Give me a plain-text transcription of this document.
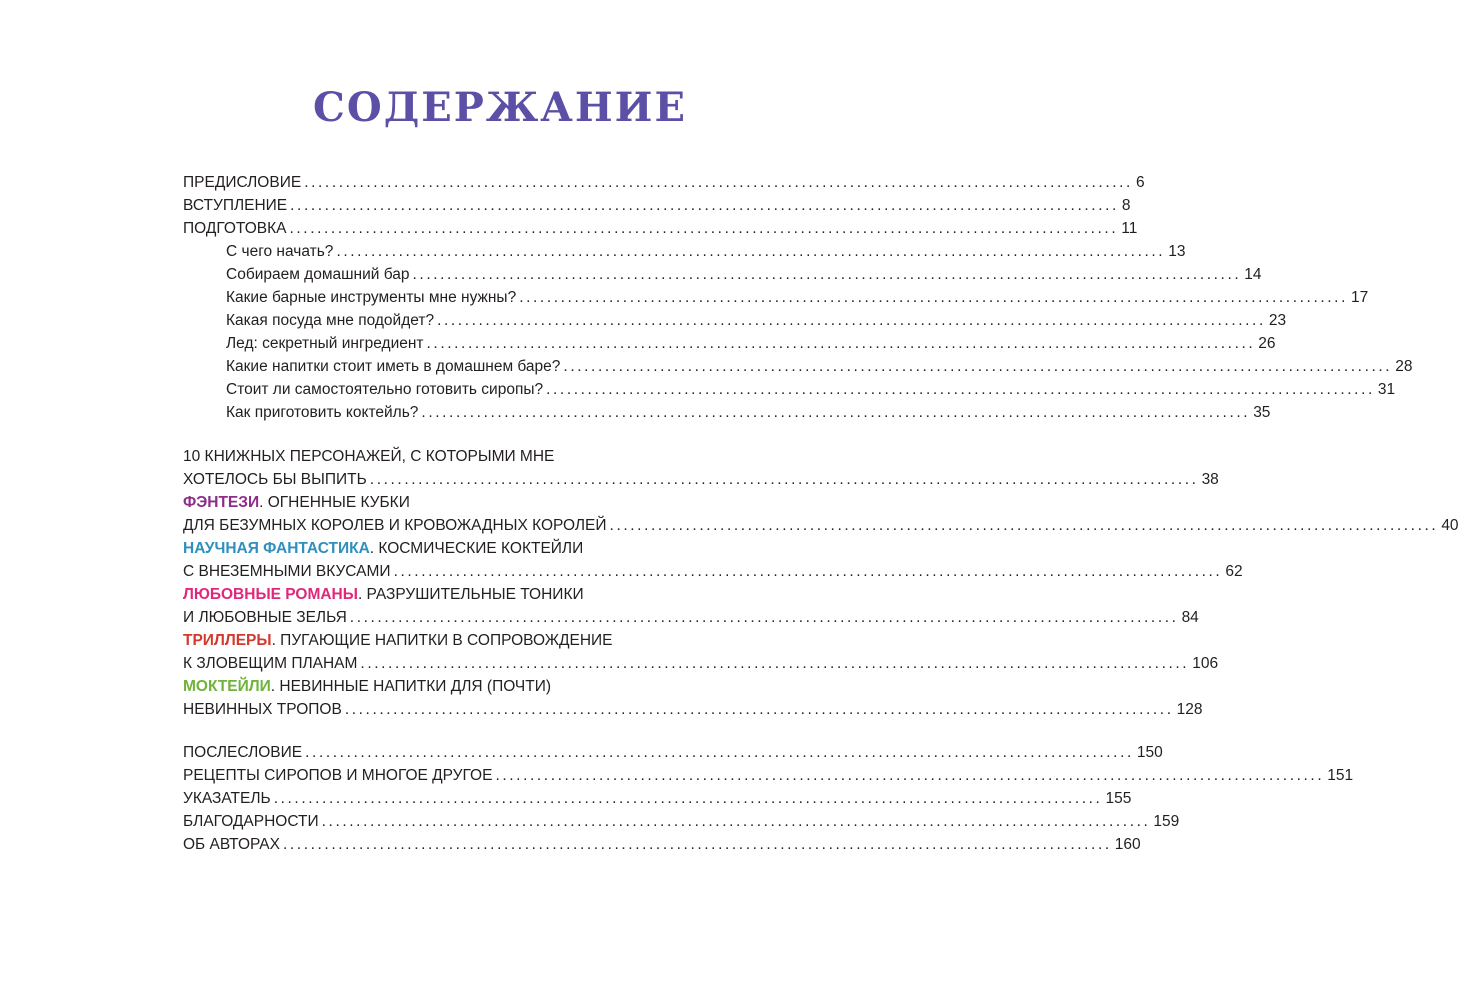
СОДЕРЖАНИЕ
ПРЕДИСЛОВИЕ ........................................................................................................................ 6
ВСТУПЛЕНИЕ ........................................................................................................................ 8
ПОДГОТОВКА ........................................................................................................................ 11
С чего начать? ........................................................................................................................ 13
Собираем домашний бар ........................................................................................................................ 14
Какие барные инструменты мне нужны? ........................................................................................................................ 17
Какая посуда мне подойдет? ........................................................................................................................ 23
Лед: секретный ингредиент ........................................................................................................................ 26
Какие напитки стоит иметь в домашнем баре? ........................................................................................................................ 28
Стоит ли самостоятельно готовить сиропы? ........................................................................................................................ 31
Как приготовить коктейль? ........................................................................................................................ 35
10 КНИЖНЫХ ПЕРСОНАЖЕЙ, С КОТОРЫМИ МНЕ
ХОТЕЛОСЬ БЫ ВЫПИТЬ ........................................................................................................................ 38
ФЭНТЕЗИ. ОГНЕННЫЕ КУБКИ
ДЛЯ БЕЗУМНЫХ КОРОЛЕВ И КРОВОЖАДНЫХ КОРОЛЕЙ ........................................................................................................................ 40
НАУЧНАЯ ФАНТАСТИКА. КОСМИЧЕСКИЕ КОКТЕЙЛИ
С ВНЕЗЕМНЫМИ ВКУСАМИ ........................................................................................................................ 62
ЛЮБОВНЫЕ РОМАНЫ. РАЗРУШИТЕЛЬНЫЕ ТОНИКИ
И ЛЮБОВНЫЕ ЗЕЛЬЯ ........................................................................................................................ 84
ТРИЛЛЕРЫ. ПУГАЮЩИЕ НАПИТКИ В СОПРОВОЖДЕНИЕ
К ЗЛОВЕЩИМ ПЛАНАМ ........................................................................................................................ 106
МОКТЕЙЛИ. НЕВИННЫЕ НАПИТКИ ДЛЯ (ПОЧТИ)
НЕВИННЫХ ТРОПОВ ........................................................................................................................ 128
ПОСЛЕСЛОВИЕ ........................................................................................................................ 150
РЕЦЕПТЫ СИРОПОВ И МНОГОЕ ДРУГОЕ ........................................................................................................................ 151
УКАЗАТЕЛЬ ........................................................................................................................ 155
БЛАГОДАРНОСТИ ........................................................................................................................ 159
ОБ АВТОРАХ ........................................................................................................................ 160
